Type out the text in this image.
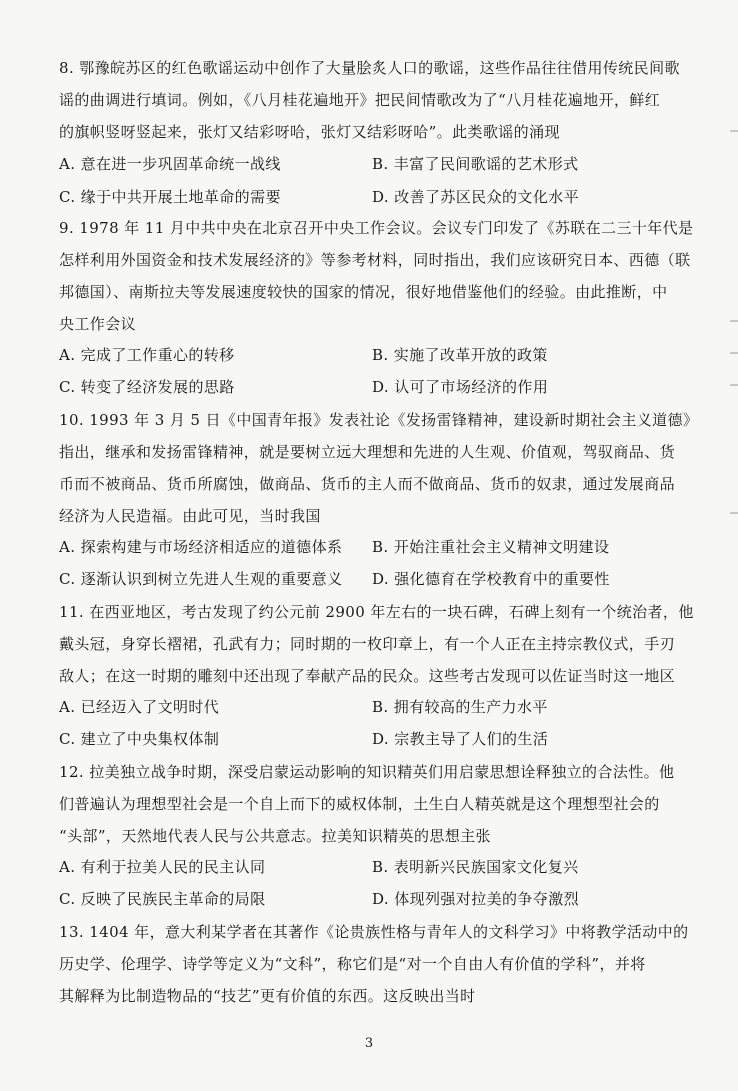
8. 鄂豫皖苏区的红色歌谣运动中创作了大量脍炙人口的歌谣，这些作品往往借用传统民间歌
谣的曲调进行填词。例如，《八月桂花遍地开》把民间情歌改为了“八月桂花遍地开，鲜红
的旗帜竖呀竖起来，张灯又结彩呀哈，张灯又结彩呀哈”。此类歌谣的涌现
A. 意在进一步巩固革命统一战线	B. 丰富了民间歌谣的艺术形式
C. 缘于中共开展土地革命的需要	D. 改善了苏区民众的文化水平
9. 1978 年 11 月中共中央在北京召开中央工作会议。会议专门印发了《苏联在二三十年代是
怎样利用外国资金和技术发展经济的》等参考材料，同时指出，我们应该研究日本、西德（联
邦德国）、南斯拉夫等发展速度较快的国家的情况，很好地借鉴他们的经验。由此推断，中
央工作会议
A. 完成了工作重心的转移	B. 实施了改革开放的政策
C. 转变了经济发展的思路	D. 认可了市场经济的作用
10. 1993 年 3 月 5 日《中国青年报》发表社论《发扬雷锋精神，建设新时期社会主义道德》
指出，继承和发扬雷锋精神，就是要树立远大理想和先进的人生观、价值观，驾驭商品、货
币而不被商品、货币所腐蚀，做商品、货币的主人而不做商品、货币的奴隶，通过发展商品
经济为人民造福。由此可见，当时我国
A. 探索构建与市场经济相适应的道德体系 B. 开始注重社会主义精神文明建设
C. 逐渐认识到树立先进人生观的重要意义 D. 强化德育在学校教育中的重要性
11. 在西亚地区，考古发现了约公元前 2900 年左右的一块石碑，石碑上刻有一个统治者，他
戴头冠，身穿长褶裙，孔武有力；同时期的一枚印章上，有一个人正在主持宗教仪式，手刃
敌人；在这一时期的雕刻中还出现了奉献产品的民众。这些考古发现可以佐证当时这一地区
A. 已经迈入了文明时代	B. 拥有较高的生产力水平
C. 建立了中央集权体制	D. 宗教主导了人们的生活
12. 拉美独立战争时期，深受启蒙运动影响的知识精英们用启蒙思想诠释独立的合法性。他
们普遍认为理想型社会是一个自上而下的威权体制，土生白人精英就是这个理想型社会的
“头部”，天然地代表人民与公共意志。拉美知识精英的思想主张
A. 有利于拉美人民的民主认同	B. 表明新兴民族国家文化复兴
C. 反映了民族民主革命的局限	D. 体现列强对拉美的争夺激烈
13. 1404 年，意大利某学者在其著作《论贵族性格与青年人的文科学习》中将教学活动中的
历史学、伦理学、诗学等定义为“文科”，称它们是“对一个自由人有价值的学科”，并将
其解释为比制造物品的“技艺”更有价值的东西。这反映出当时
3
